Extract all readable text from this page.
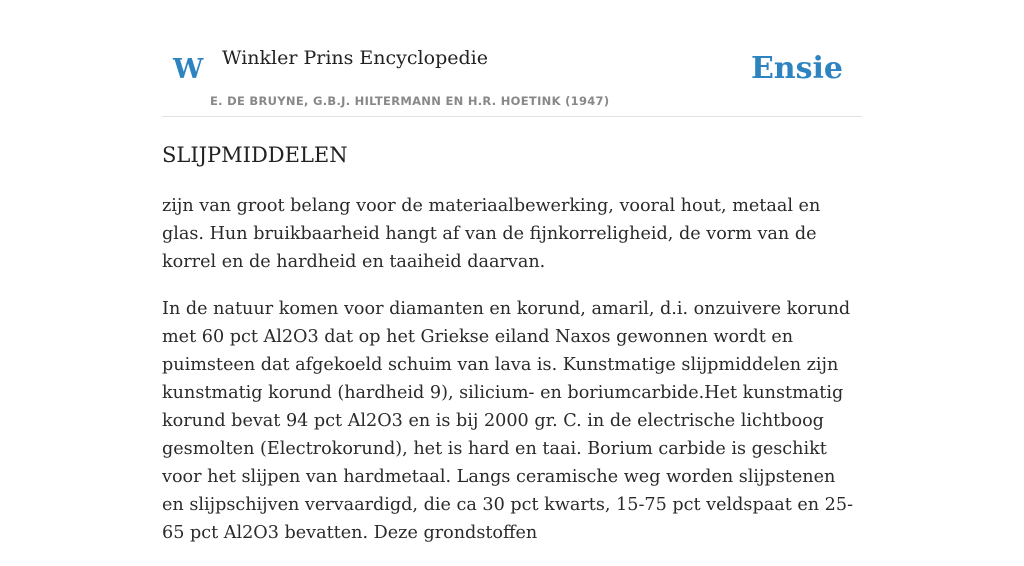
W Winkler Prins Encyclopedie
E. DE BRUYNE, G.B.J. HILTERMANN EN H.R. HOETINK (1947)
Ensie
SLIJPMIDDELEN

zijn van groot belang voor de materiaalbewerking, vooral hout, metaal en glas. Hun bruikbaarheid hangt af van de fijnkorreligheid, de vorm van de korrel en de hardheid en taaiheid daarvan.

In de natuur komen voor diamanten en korund, amaril, d.i. onzuivere korund met 60 pct Al2O3 dat op het Griekse eiland Naxos gewonnen wordt en puimsteen dat afgekoeld schuim van lava is. Kunstmatige slijpmiddelen zijn kunstmatig korund (hardheid 9), silicium- en boriumcarbide.Het kunstmatig korund bevat 94 pct Al2O3 en is bij 2000 gr. C. in de electrische lichtboog gesmolten (Electrokorund), het is hard en taai. Borium carbide is geschikt voor het slijpen van hardmetaal. Langs ceramische weg worden slijpstenen en slijpschijven vervaardigd, die ca 30 pct kwarts, 15-75 pct veldspaat en 25-65 pct Al2O3 bevatten. Deze grondstoffen
